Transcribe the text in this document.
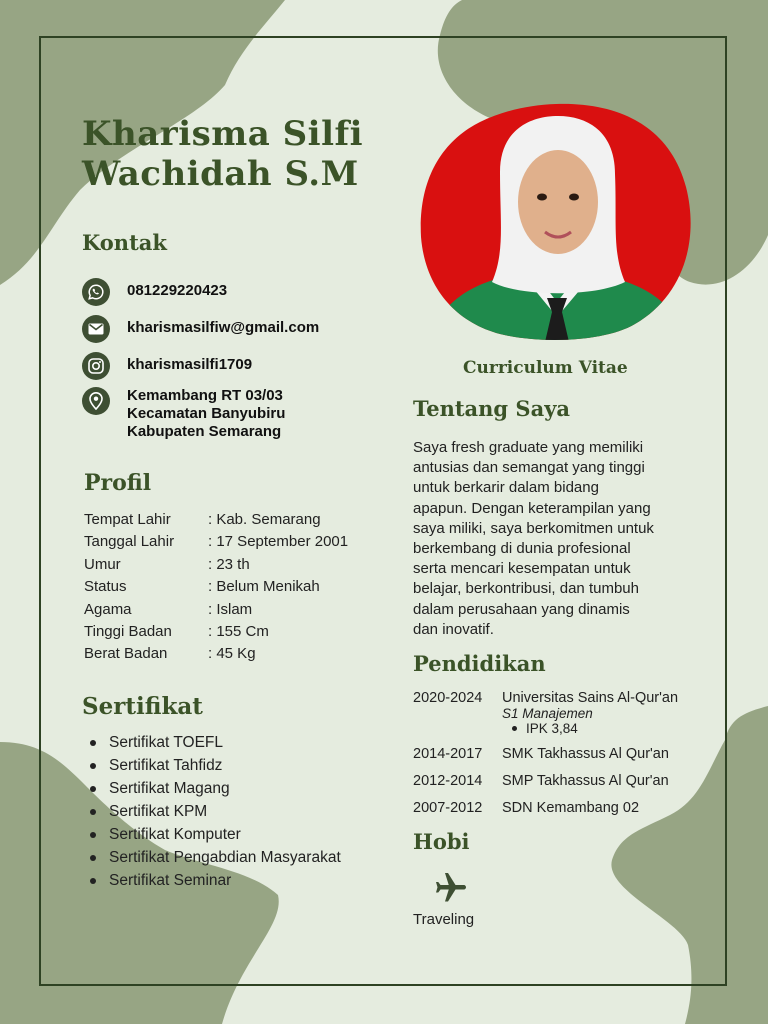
Kharisma Silfi
Wachidah S.M
Kontak
081229220423
kharismasilfiw@gmail.com
kharismasilfi1709
Kemambang RT 03/03
Kecamatan Banyubiru
Kabupaten Semarang
Profil
Tempat Lahir	: Kab. Semarang
Tanggal Lahir	: 17 September 2001
Umur	: 23 th
Status	: Belum Menikah
Agama	: Islam
Tinggi Badan	: 155 Cm
Berat Badan	: 45 Kg
Sertifikat
Sertifikat TOEFL
Sertifikat Tahfidz
Sertifikat Magang
Sertifikat KPM
Sertifikat Komputer
Sertifikat Pengabdian Masyarakat
Sertifikat Seminar
Curriculum Vitae
Tentang Saya
Saya fresh graduate yang memiliki
antusias dan semangat yang tinggi
untuk berkarir dalam bidang
apapun. Dengan keterampilan yang
saya miliki, saya berkomitmen untuk
berkembang di dunia profesional
serta mencari kesempatan untuk
belajar, berkontribusi, dan tumbuh
dalam perusahaan yang dinamis
dan inovatif.
Pendidikan
2020-2024	Universitas Sains Al-Qur'an
S1 Manajemen
IPK 3,84
2014-2017	SMK Takhassus Al Qur'an
2012-2014	SMP Takhassus Al Qur'an
2007-2012	SDN Kemambang 02
Hobi
Traveling
